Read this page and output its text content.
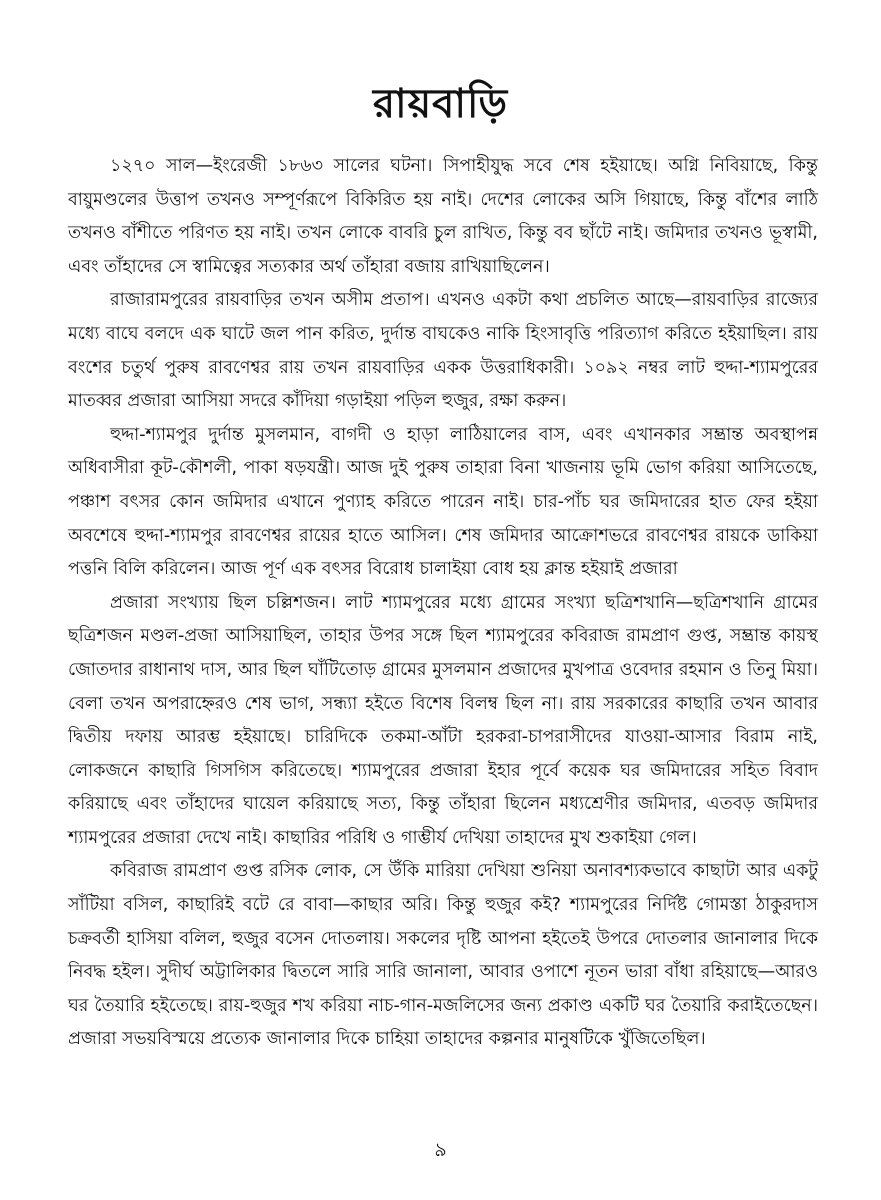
রায়বাড়ি

১২৭০ সাল—ইংরেজী ১৮৬৩ সালের ঘটনা। সিপাহীযুদ্ধ সবে শেষ হইয়াছে। অগ্নি নিবিয়াছে, কিন্তু বায়ুমণ্ডলের উত্তাপ তখনও সম্পূর্ণরূপে বিকিরিত হয় নাই। দেশের লোকের অসি গিয়াছে, কিন্তু বাঁশের লাঠি তখনও বাঁশীতে পরিণত হয় নাই। তখন লোকে বাবরি চুল রাখিত, কিন্তু বব ছাঁটে নাই। জমিদার তখনও ভূস্বামী, এবং তাঁহাদের সে স্বামিত্বের সত্যকার অর্থ তাঁহারা বজায় রাখিয়াছিলেন।

রাজারামপুরের রায়বাড়ির তখন অসীম প্রতাপ। এখনও একটা কথা প্রচলিত আছে—রায়বাড়ির রাজ্যের মধ্যে বাঘে বলদে এক ঘাটে জল পান করিত, দুর্দান্ত বাঘকেও নাকি হিংসাবৃত্তি পরিত্যাগ করিতে হইয়াছিল। রায় বংশের চতুর্থ পুরুষ রাবণেশ্বর রায় তখন রায়বাড়ির একক উত্তরাধিকারী। ১০৯২ নম্বর লাট হুদ্দা-শ্যামপুরের মাতব্বর প্রজারা আসিয়া সদরে কাঁদিয়া গড়াইয়া পড়িল হুজুর, রক্ষা করুন।

হুদ্দা-শ্যামপুর দুর্দান্ত মুসলমান, বাগদী ও হাড়া লাঠিয়ালের বাস, এবং এখানকার সম্ভ্রান্ত অবস্থাপন্ন অধিবাসীরা কূট-কৌশলী, পাকা ষড়যন্ত্রী। আজ দুই পুরুষ তাহারা বিনা খাজনায় ভূমি ভোগ করিয়া আসিতেছে, পঞ্চাশ বৎসর কোন জমিদার এখানে পুণ্যাহ করিতে পারেন নাই। চার-পাঁচ ঘর জমিদারের হাত ফের হইয়া অবশেষে হুদ্দা-শ্যামপুর রাবণেশ্বর রায়ের হাতে আসিল। শেষ জমিদার আক্রোশভরে রাবণেশ্বর রায়কে ডাকিয়া পত্তনি বিলি করিলেন। আজ পূর্ণ এক বৎসর বিরোধ চালাইয়া বোধ হয় ক্লান্ত হইয়াই প্রজারা

প্রজারা সংখ্যায় ছিল চল্লিশজন। লাট শ্যামপুরের মধ্যে গ্রামের সংখ্যা ছত্রিশখানি—ছত্রিশখানি গ্রামের ছত্রিশজন মণ্ডল-প্রজা আসিয়াছিল, তাহার উপর সঙ্গে ছিল শ্যামপুরের কবিরাজ রামপ্রাণ গুপ্ত, সম্ভ্রান্ত কায়স্থ জোতদার রাধানাথ দাস, আর ছিল ঘাঁটিতোড় গ্রামের মুসলমান প্রজাদের মুখপাত্র ওবেদার রহমান ও তিনু মিয়া। বেলা তখন অপরাহ্নেরও শেষ ভাগ, সন্ধ্যা হইতে বিশেষ বিলম্ব ছিল না। রায় সরকারের কাছারি তখন আবার দ্বিতীয় দফায় আরম্ভ হইয়াছে। চারিদিকে তকমা-আঁটা হরকরা-চাপরাসীদের যাওয়া-আসার বিরাম নাই, লোকজনে কাছারি গিসগিস করিতেছে। শ্যামপুরের প্রজারা ইহার পূর্বে কয়েক ঘর জমিদারের সহিত বিবাদ করিয়াছে এবং তাঁহাদের ঘায়েল করিয়াছে সত্য, কিন্তু তাঁহারা ছিলেন মধ্যশ্রেণীর জমিদার, এতবড় জমিদার শ্যামপুরের প্রজারা দেখে নাই। কাছারির পরিধি ও গাম্ভীর্য দেখিয়া তাহাদের মুখ শুকাইয়া গেল।

কবিরাজ রামপ্রাণ গুপ্ত রসিক লোক, সে উঁকি মারিয়া দেখিয়া শুনিয়া অনাবশ্যকভাবে কাছাটা আর একটু সাঁটিয়া বসিল, কাছারিই বটে রে বাবা—কাছার অরি। কিন্তু হুজুর কই? শ্যামপুরের নির্দিষ্ট গোমস্তা ঠাকুরদাস চক্রবর্তী হাসিয়া বলিল, হুজুর বসেন দোতলায়। সকলের দৃষ্টি আপনা হইতেই উপরে দোতলার জানালার দিকে নিবদ্ধ হইল। সুদীর্ঘ অট্টালিকার দ্বিতলে সারি সারি জানালা, আবার ওপাশে নূতন ভারা বাঁধা রহিয়াছে—আরও ঘর তৈয়ারি হইতেছে। রায়-হুজুর শখ করিয়া নাচ-গান-মজলিসের জন্য প্রকাণ্ড একটি ঘর তৈয়ারি করাইতেছেন। প্রজারা সভয়বিস্ময়ে প্রত্যেক জানালার দিকে চাহিয়া তাহাদের কল্পনার মানুষটিকে খুঁজিতেছিল।

৯
